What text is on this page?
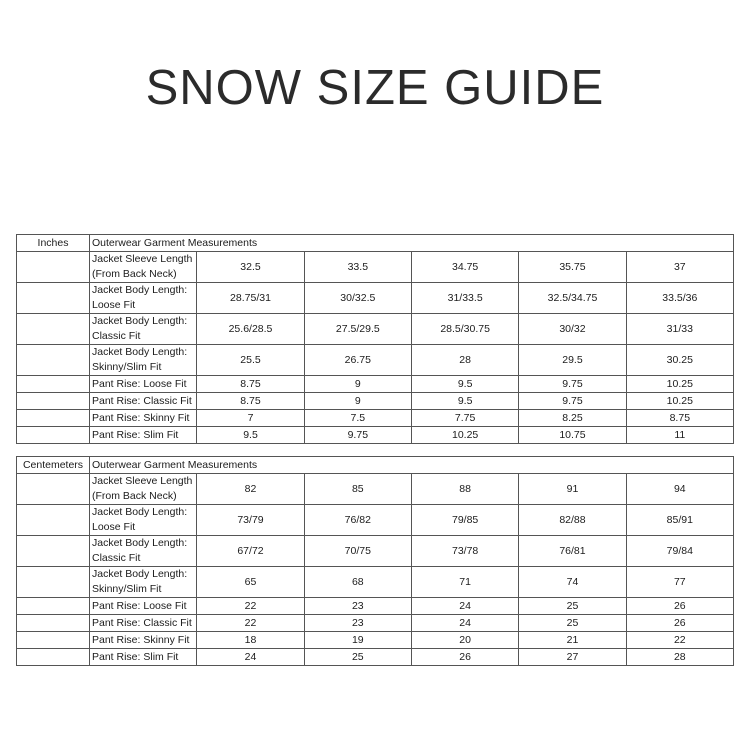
SNOW SIZE GUIDE
Inches	Outerwear Garment Measurements					
	Jacket Sleeve Length (From Back Neck)	32.5	33.5	34.75	35.75	37
	Jacket Body Length: Loose Fit	28.75/31	30/32.5	31/33.5	32.5/34.75	33.5/36
	Jacket Body Length: Classic Fit	25.6/28.5	27.5/29.5	28.5/30.75	30/32	31/33
	Jacket Body Length: Skinny/Slim Fit	25.5	26.75	28	29.5	30.25
	Pant Rise: Loose Fit	8.75	9	9.5	9.75	10.25
	Pant Rise: Classic Fit	8.75	9	9.5	9.75	10.25
	Pant Rise: Skinny Fit	7	7.5	7.75	8.25	8.75
	Pant Rise: Slim Fit	9.5	9.75	10.25	10.75	11
Centemeters	Outerwear Garment Measurements					
	Jacket Sleeve Length (From Back Neck)	82	85	88	91	94
	Jacket Body Length: Loose Fit	73/79	76/82	79/85	82/88	85/91
	Jacket Body Length: Classic Fit	67/72	70/75	73/78	76/81	79/84
	Jacket Body Length: Skinny/Slim Fit	65	68	71	74	77
	Pant Rise: Loose Fit	22	23	24	25	26
	Pant Rise: Classic Fit	22	23	24	25	26
	Pant Rise: Skinny Fit	18	19	20	21	22
	Pant Rise: Slim Fit	24	25	26	27	28
